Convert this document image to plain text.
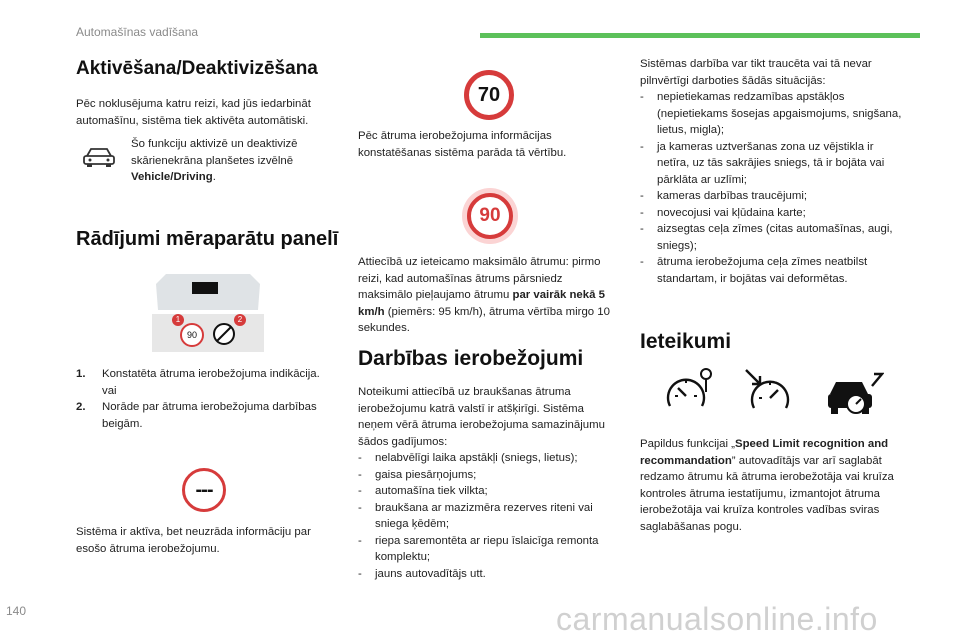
Automašīnas vadīšana
140	carmanualsonline.info
Aktivēšana/Deaktivizēšana

Pēc noklusējuma katru reizi, kad jūs iedarbināt automašīnu, sistēma tiek aktivēta automātiski.

Šo funkciju aktivizē un deaktivizē skārienekrāna planšetes izvēlnē Vehicle/Driving.

Rādījumi mēraparātu panelī
90
1	2
1.	Konstatēta ātruma ierobežojuma indikācija.
vai
2.	Norāde par ātruma ierobežojuma darbības beigām.
---

Sistēma ir aktīva, bet neuzrāda informāciju par esošo ātruma ierobežojumu.

70

Pēc ātruma ierobežojuma informācijas konstatēšanas sistēma parāda tā vērtību.

90

Attiecībā uz ieteicamo maksimālo ātrumu: pirmo reizi, kad automašīnas ātrums pārsniedz maksimālo pieļaujamo ātrumu par vairāk nekā 5 km/h (piemērs: 95 km/h), ātruma vērtība mirgo 10 sekundes.

Darbības ierobežojumi

Noteikumi attiecībā uz braukšanas ātruma ierobežojumu katrā valstī ir atšķirīgi. Sistēma neņem vērā ātruma ierobežojuma samazinājumu šādos gadījumos:

- nelabvēlīgi laika apstākļi (sniegs, lietus);
- gaisa piesārņojums;
- automašīna tiek vilkta;
- braukšana ar mazizmēra rezerves riteni vai sniega ķēdēm;
- riepa saremontēta ar riepu īslaicīga remonta komplektu;
- jauns autovadītājs utt.

Sistēmas darbība var tikt traucēta vai tā nevar pilnvērtīgi darboties šādās situācijās:

- nepietiekamas redzamības apstākļos (nepietiekams šosejas apgaismojums, snigšana, lietus, migla);
- ja kameras uztveršanas zona uz vējstikla ir netīra, uz tās sakrājies sniegs, tā ir bojāta vai pārklāta ar uzlīmi;
- kameras darbības traucējumi;
- novecojusi vai kļūdaina karte;
- aizsegtas ceļa zīmes (citas automašīnas, augi, sniegs);
- ātruma ierobežojuma ceļa zīmes neatbilst standartam, ir bojātas vai deformētas.
Ieteikumi

Papildus funkcijai „Speed Limit recognition and recommandation” autovadītājs var arī saglabāt redzamo ātrumu kā ātruma ierobežotāja vai kruīza kontroles ātruma iestatījumu, izmantojot ātruma ierobežotāja vai kruīza kontroles vadības sviras saglabāšanas pogu.
